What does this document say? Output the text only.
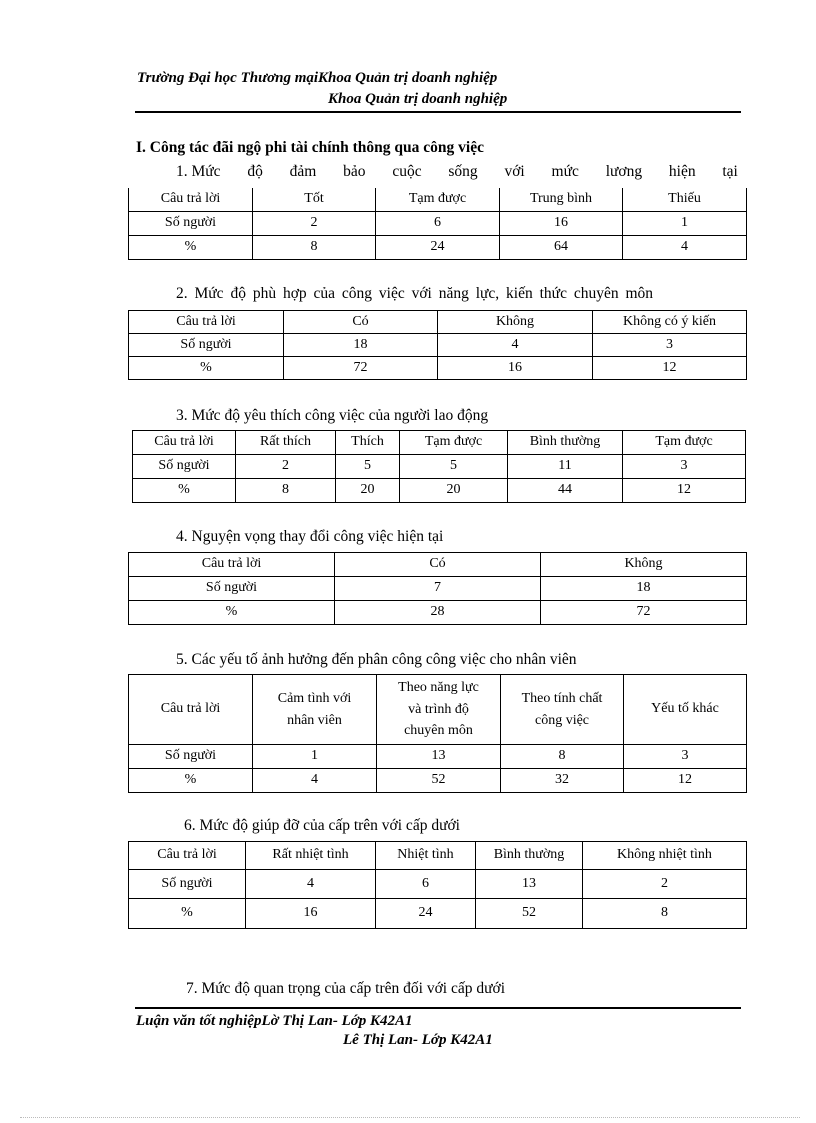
Trường Đại học Thương mạiKhoa Quản trị doanh nghiệp
Khoa Quản trị doanh nghiệp
I. Công tác đãi ngộ phi tài chính thông qua công việc
1. Mức độ đảm bảo cuộc sống với mức lương hiện tại
Câu trả lời	Tốt	Tạm được	Trung bình	Thiếu
Số người	2	6	16	1
%	8	24	64	4
2. Mức độ phù hợp của công việc với năng lực, kiến thức chuyên môn
Câu trả lời	Có	Không	Không có ý kiến
Số người	18	4	3
%	72	16	12
3. Mức độ yêu thích công việc của người lao động
Câu trả lời	Rất thích	Thích	Tạm được	Bình thường	Tạm được
Số người	2	5	5	11	3
%	8	20	20	44	12
4. Nguyện vọng thay đổi công việc hiện tại
Câu trả lời	Có	Không
Số người	7	18
%	28	72
5. Các yếu tố ảnh hưởng đến phân công công việc cho nhân viên
Câu trả lời	Cảm tình với nhân viên	Theo năng lực và trình độ chuyên môn	Theo tính chất công việc	Yếu tố khác
Số người	1	13	8	3
%	4	52	32	12
6. Mức độ giúp đỡ của cấp trên với cấp dưới
Câu trả lời	Rất nhiệt tình	Nhiệt tình	Bình thường	Không nhiệt tình
Số người	4	6	13	2
%	16	24	52	8
7. Mức độ quan trọng của cấp trên đối với cấp dưới
Luận văn tốt nghiệpLờ Thị Lan- Lớp K42A1
Lê Thị Lan- Lớp K42A1
